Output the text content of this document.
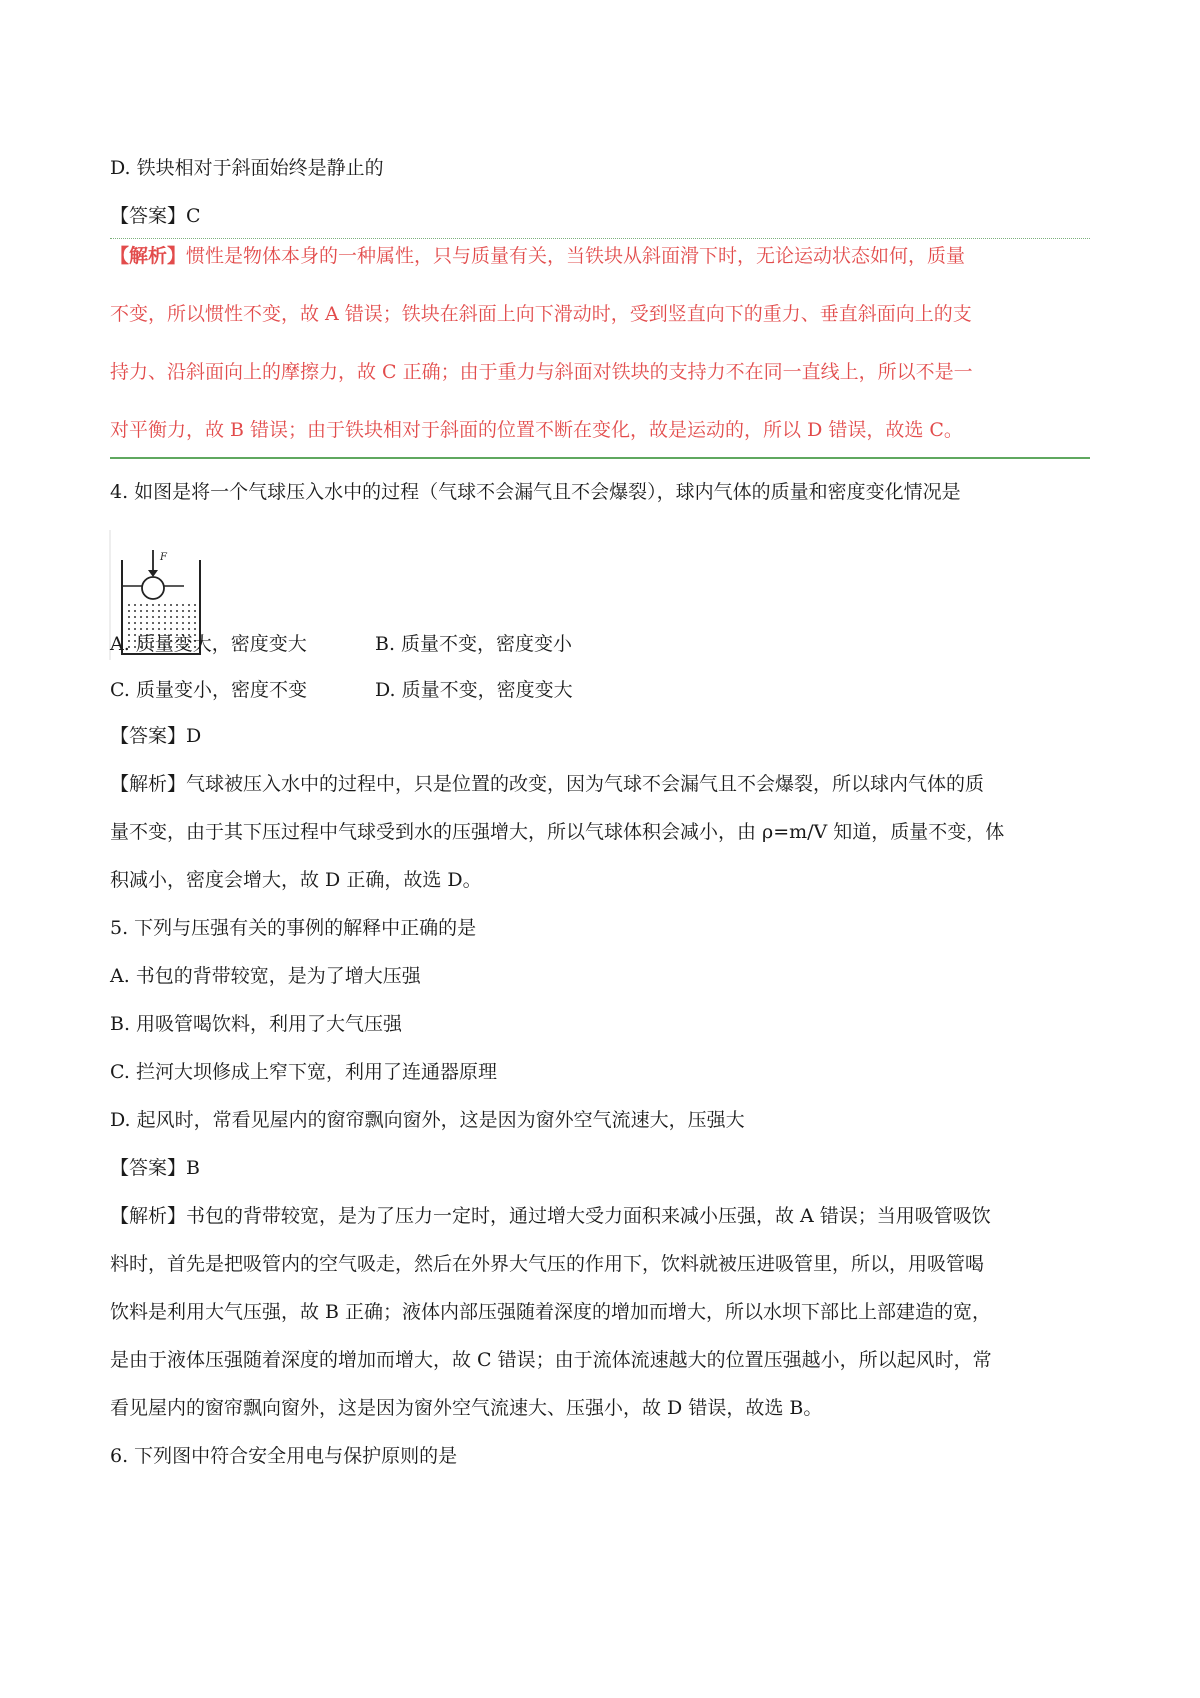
D. 铁块相对于斜面始终是静止的
【答案】C
【解析】惯性是物体本身的一种属性，只与质量有关，当铁块从斜面滑下时，无论运动状态如何，质量
不变，所以惯性不变，故 A 错误；铁块在斜面上向下滑动时，受到竖直向下的重力、垂直斜面向上的支
持力、沿斜面向上的摩擦力，故 C 正确；由于重力与斜面对铁块的支持力不在同一直线上，所以不是一
对平衡力，故 B 错误；由于铁块相对于斜面的位置不断在变化，故是运动的，所以 D 错误，故选 C。
4. 如图是将一个气球压入水中的过程（气球不会漏气且不会爆裂），球内气体的质量和密度变化情况是
F
A. 质量变大，密度变大	B. 质量不变，密度变小
C. 质量变小，密度不变	D. 质量不变，密度变大
【答案】D
【解析】气球被压入水中的过程中，只是位置的改变，因为气球不会漏气且不会爆裂，所以球内气体的质
量不变，由于其下压过程中气球受到水的压强增大，所以气球体积会减小，由 ρ=m/V 知道，质量不变，体
积减小，密度会增大，故 D 正确，故选 D。
5. 下列与压强有关的事例的解释中正确的是
A. 书包的背带较宽，是为了增大压强
B. 用吸管喝饮料，利用了大气压强
C. 拦河大坝修成上窄下宽，利用了连通器原理
D. 起风时，常看见屋内的窗帘飘向窗外，这是因为窗外空气流速大，压强大
【答案】B
【解析】书包的背带较宽，是为了压力一定时，通过增大受力面积来减小压强，故 A 错误；当用吸管吸饮
料时，首先是把吸管内的空气吸走，然后在外界大气压的作用下，饮料就被压进吸管里，所以，用吸管喝
饮料是利用大气压强，故 B 正确；液体内部压强随着深度的增加而增大，所以水坝下部比上部建造的宽，
是由于液体压强随着深度的增加而增大，故 C 错误；由于流体流速越大的位置压强越小，所以起风时，常
看见屋内的窗帘飘向窗外，这是因为窗外空气流速大、压强小，故 D 错误，故选 B。
6. 下列图中符合安全用电与保护原则的是
